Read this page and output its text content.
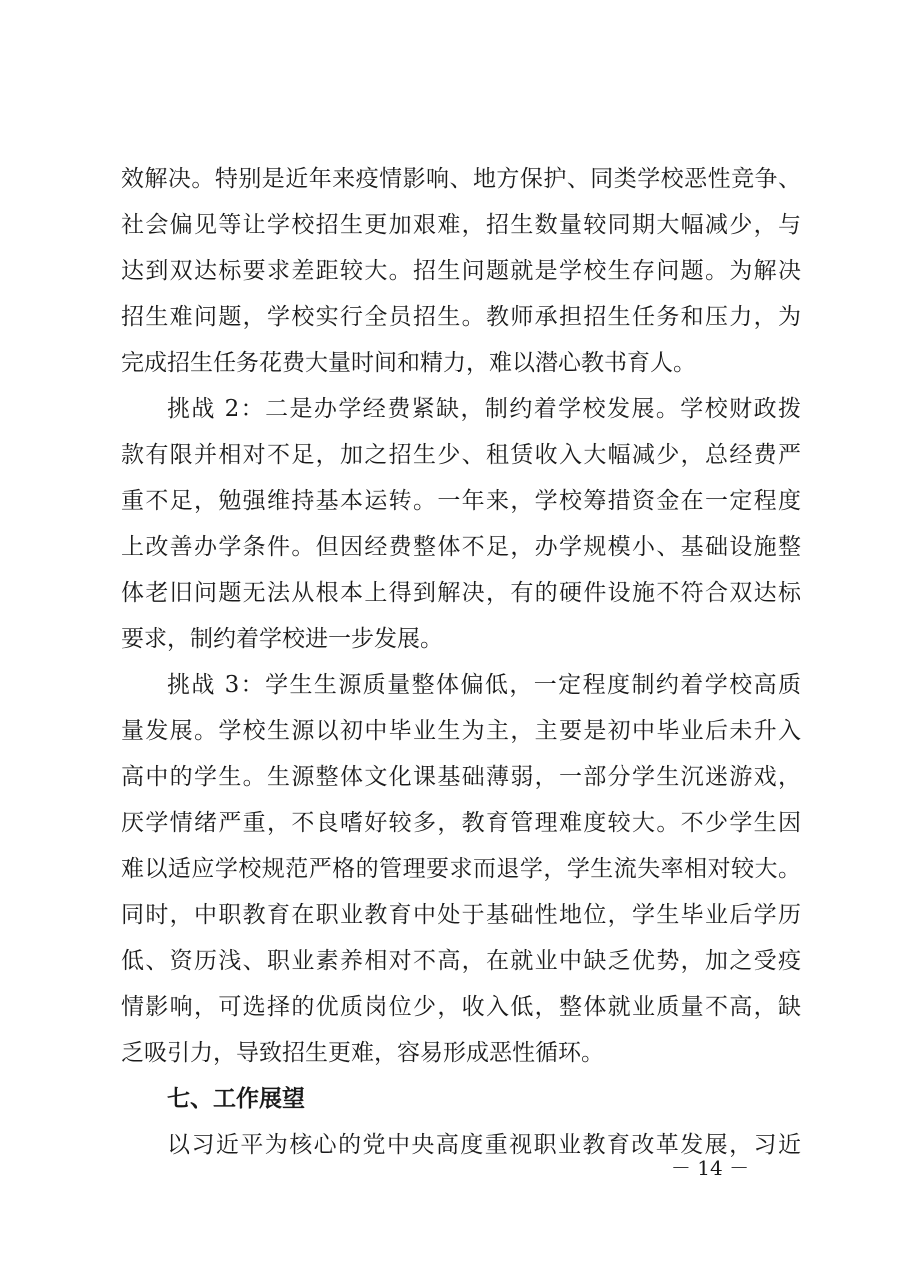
效解决。特别是近年来疫情影响、地方保护、同类学校恶性竞争、
社会偏见等让学校招生更加艰难，招生数量较同期大幅减少，与
达到双达标要求差距较大。招生问题就是学校生存问题。为解决
招生难问题，学校实行全员招生。教师承担招生任务和压力，为
完成招生任务花费大量时间和精力，难以潜心教书育人。
挑战 2：二是办学经费紧缺，制约着学校发展。学校财政拨
款有限并相对不足，加之招生少、租赁收入大幅减少，总经费严
重不足，勉强维持基本运转。一年来，学校筹措资金在一定程度
上改善办学条件。但因经费整体不足，办学规模小、基础设施整
体老旧问题无法从根本上得到解决，有的硬件设施不符合双达标
要求，制约着学校进一步发展。
挑战 3：学生生源质量整体偏低，一定程度制约着学校高质
量发展。学校生源以初中毕业生为主，主要是初中毕业后未升入
高中的学生。生源整体文化课基础薄弱，一部分学生沉迷游戏，
厌学情绪严重，不良嗜好较多，教育管理难度较大。不少学生因
难以适应学校规范严格的管理要求而退学，学生流失率相对较大。
同时，中职教育在职业教育中处于基础性地位，学生毕业后学历
低、资历浅、职业素养相对不高，在就业中缺乏优势，加之受疫
情影响，可选择的优质岗位少，收入低，整体就业质量不高，缺
乏吸引力，导致招生更难，容易形成恶性循环。
七、工作展望
以习近平为核心的党中央高度重视职业教育改革发展，习近
－ 14 －
